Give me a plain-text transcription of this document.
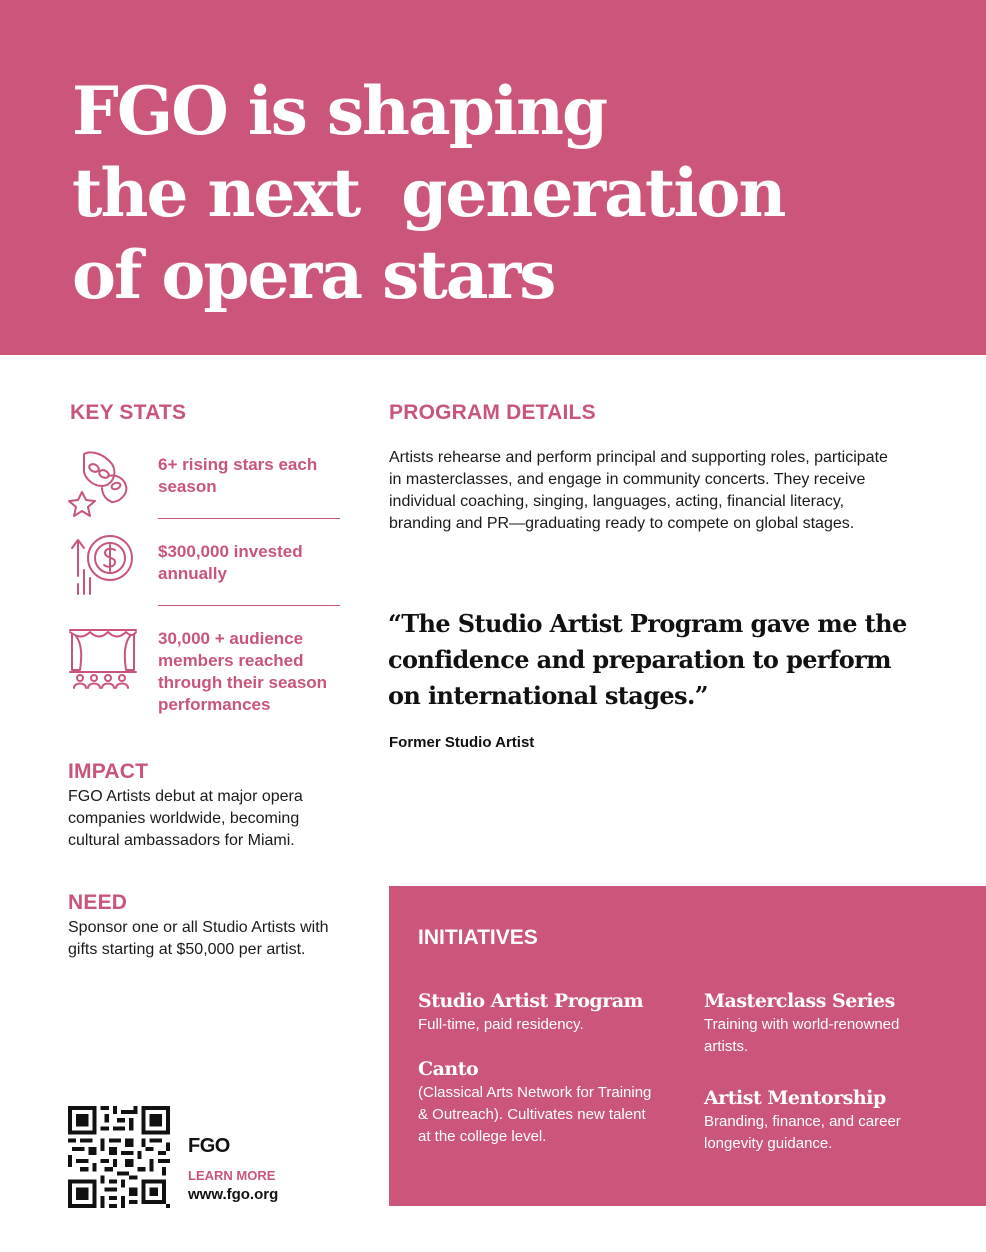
FGO is shaping
the next  generation
of opera stars
KEY STATS
6+ rising stars each season
$300,000 invested annually
30,000 + audience members reached through their season performances
IMPACT

FGO Artists debut at major opera companies worldwide, becoming cultural ambassadors for Miami.

NEED

Sponsor one or all Studio Artists with gifts starting at $50,000 per artist.

PROGRAM DETAILS

Artists rehearse and perform principal and supporting roles, participate in masterclasses, and engage in community concerts. They receive individual coaching, singing, languages, acting, financial literacy, branding and PR—graduating ready to compete on global stages.

“The Studio Artist Program gave me the confidence and preparation to perform on international stages.”

Former Studio Artist
INITIATIVES
Studio Artist Program
Full-time, paid residency.
Masterclass Series
Training with world-renowned artists.
Canto
(Classical Arts Network for Training & Outreach). Cultivates new talent at the college level.
Artist Mentorship
Branding, finance, and career longevity guidance.
FGO
LEARN MORE
www.fgo.org
